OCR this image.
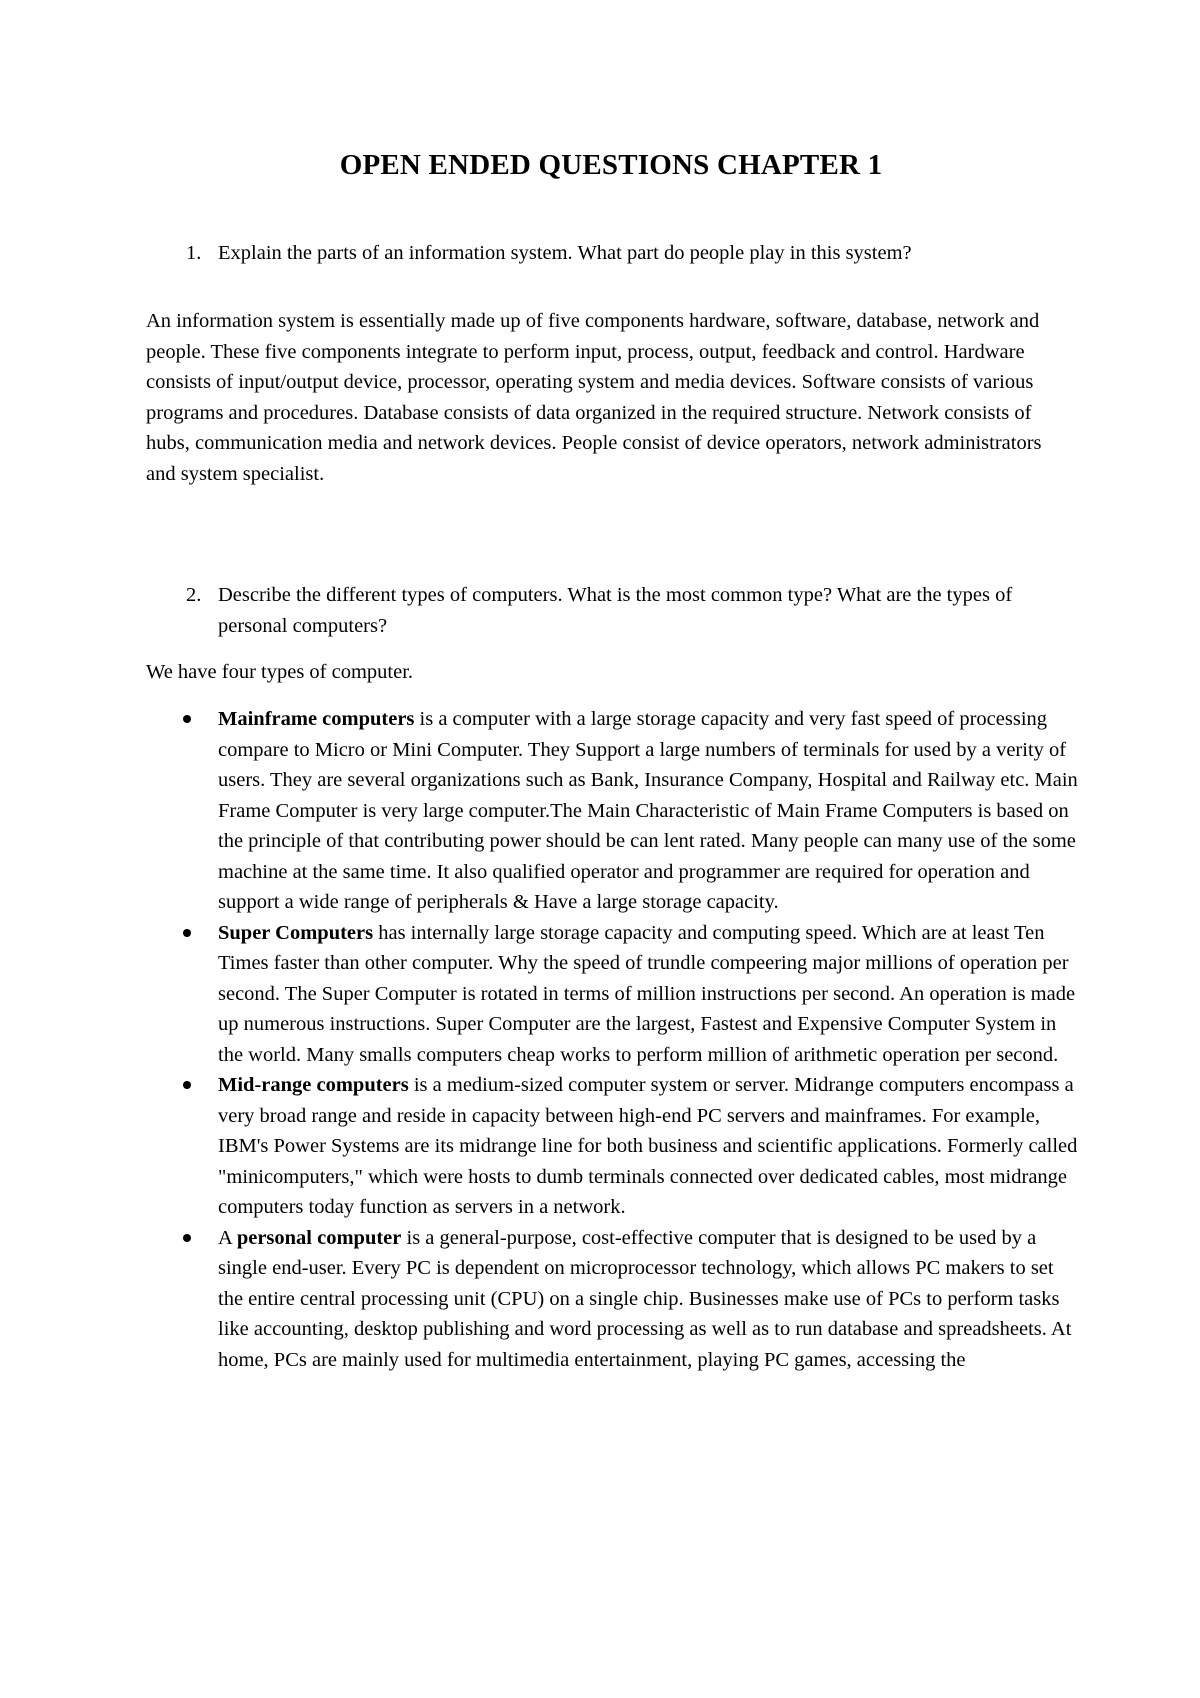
OPEN ENDED QUESTIONS CHAPTER 1
1. Explain the parts of an information system. What part do people play in this system?
An information system is essentially made up of five components hardware, software, database, network and people. These five components integrate to perform input, process, output, feedback and control. Hardware consists of input/output device, processor, operating system and media devices. Software consists of various programs and procedures. Database consists of data organized in the required structure. Network consists of hubs, communication media and network devices. People consist of device operators, network administrators and system specialist.
2. Describe the different types of computers. What is the most common type? What are the types of personal computers?
We have four types of computer.
Mainframe computers is a computer with a large storage capacity and very fast speed of processing compare to Micro or Mini Computer. They Support a large numbers of terminals for used by a verity of users. They are several organizations such as Bank, Insurance Company, Hospital and Railway etc. Main Frame Computer is very large computer.The Main Characteristic of Main Frame Computers is based on the principle of that contributing power should be can lent rated. Many people can many use of the some machine at the same time. It also qualified operator and programmer are required for operation and support a wide range of peripherals & Have a large storage capacity.
Super Computers has internally large storage capacity and computing speed. Which are at least Ten Times faster than other computer. Why the speed of trundle compeering major millions of operation per second. The Super Computer is rotated in terms of million instructions per second. An operation is made up numerous instructions. Super Computer are the largest, Fastest and Expensive Computer System in the world. Many smalls computers cheap works to perform million of arithmetic operation per second.
Mid-range computers is a medium-sized computer system or server. Midrange computers encompass a very broad range and reside in capacity between high-end PC servers and mainframes. For example, IBM's Power Systems are its midrange line for both business and scientific applications. Formerly called "minicomputers," which were hosts to dumb terminals connected over dedicated cables, most midrange computers today function as servers in a network.
A personal computer is a general-purpose, cost-effective computer that is designed to be used by a single end-user. Every PC is dependent on microprocessor technology, which allows PC makers to set the entire central processing unit (CPU) on a single chip. Businesses make use of PCs to perform tasks like accounting, desktop publishing and word processing as well as to run database and spreadsheets. At home, PCs are mainly used for multimedia entertainment, playing PC games, accessing the
